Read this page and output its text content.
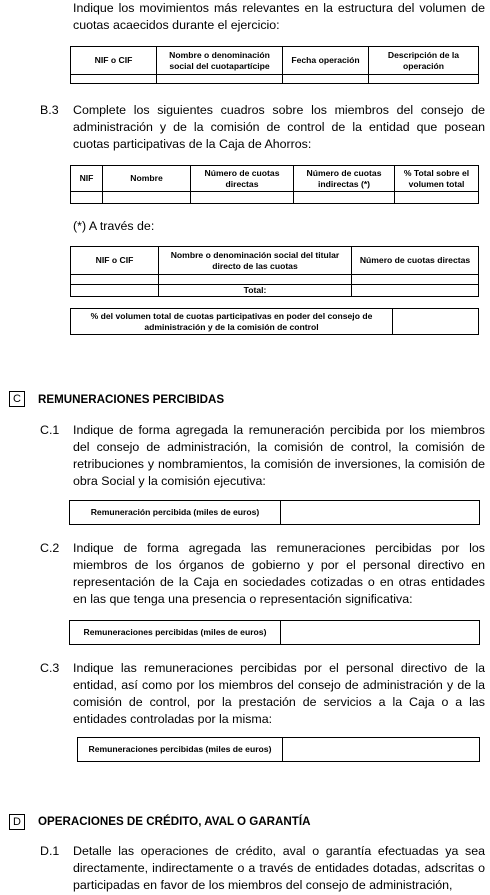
Indique los movimientos más relevantes en la estructura del volumen de cuotas acaecidos durante el ejercicio:

NIF o CIF	Nombre o denominación social del cuotapartícipe	Fecha operación	Descripción de la operación

B.3 Complete los siguientes cuadros sobre los miembros del consejo de administración y de la comisión de control de la entidad que posean cuotas participativas de la Caja de Ahorros:

NIF	Nombre	Número de cuotas directas	Número de cuotas indirectas (*)	% Total sobre el volumen total

(*) A través de:
NIF o CIF	Nombre o denominación social del titular directo de las cuotas	Número de cuotas directas

	Total:	
% del volumen total de cuotas participativas en poder del consejo de administración y de la comisión de control	
C	REMUNERACIONES PERCIBIDAS
C.1 Indique de forma agregada la remuneración percibida por los miembros del consejo de administración, la comisión de control, la comisión de retribuciones y nombramientos, la comisión de inversiones, la comisión de obra Social y la comisión ejecutiva:

Remuneración percibida (miles de euros)	
C.2 Indique de forma agregada las remuneraciones percibidas por los miembros de los órganos de gobierno y por el personal directivo en representación de la Caja en sociedades cotizadas o en otras entidades en las que tenga una presencia o representación significativa:

Remuneraciones percibidas (miles de euros)	
C.3 Indique las remuneraciones percibidas por el personal directivo de la entidad, así como por los miembros del consejo de administración y de la comisión de control, por la prestación de servicios a la Caja o a las entidades controladas por la misma:

Remuneraciones percibidas (miles de euros)	
D	OPERACIONES DE CRÉDITO, AVAL O GARANTÍA
D.1 Detalle las operaciones de crédito, aval o garantía efectuadas ya sea directamente, indirectamente o a través de entidades dotadas, adscritas o participadas en favor de los miembros del consejo de administración,
